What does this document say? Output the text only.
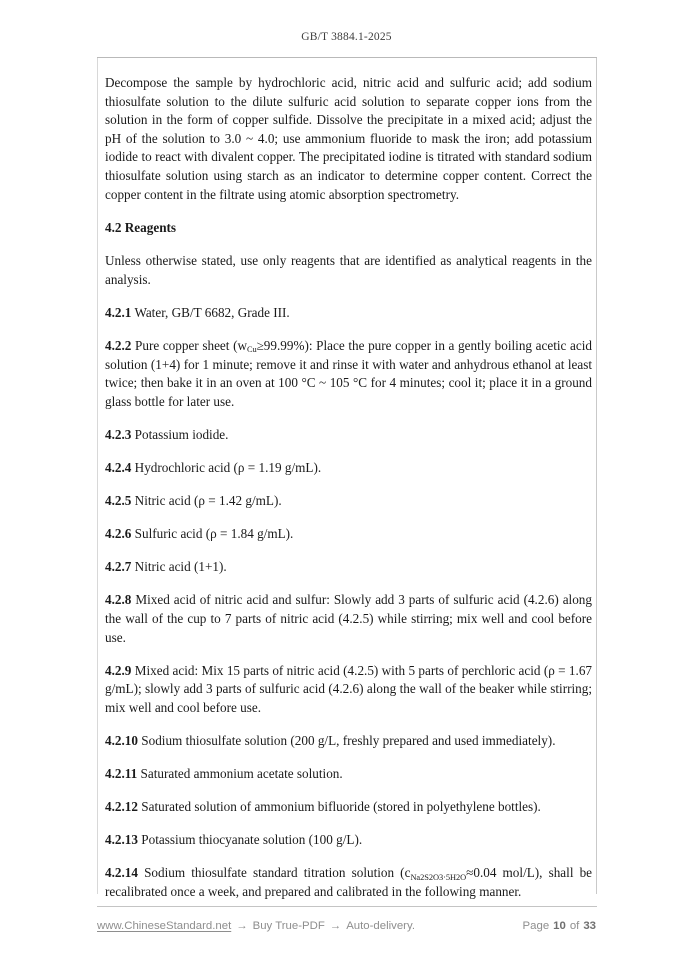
GB/T 3884.1-2025

Decompose the sample by hydrochloric acid, nitric acid and sulfuric acid; add sodium thiosulfate solution to the dilute sulfuric acid solution to separate copper ions from the solution in the form of copper sulfide. Dissolve the precipitate in a mixed acid; adjust the pH of the solution to 3.0 ~ 4.0; use ammonium fluoride to mask the iron; add potassium iodide to react with divalent copper. The precipitated iodine is titrated with standard sodium thiosulfate solution using starch as an indicator to determine copper content. Correct the copper content in the filtrate using atomic absorption spectrometry.

4.2 Reagents

Unless otherwise stated, use only reagents that are identified as analytical reagents in the analysis.

4.2.1 Water, GB/T 6682, Grade III.

4.2.2 Pure copper sheet $(w_{Cu}\ge 99.99\%)$: Place the pure copper in a gently boiling acetic acid solution (1+4) for 1 minute; remove it and rinse it with water and anhydrous ethanol at least twice; then bake it in an oven at 100 °C ~ 105 °C for 4 minutes; cool it; place it in a ground glass bottle for later use.

4.2.3 Potassium iodide.

4.2.4 Hydrochloric acid (ρ = 1.19 g/mL).

4.2.5 Nitric acid (ρ = 1.42 g/mL).

4.2.6 Sulfuric acid (ρ = 1.84 g/mL).

4.2.7 Nitric acid (1+1).

4.2.8 Mixed acid of nitric acid and sulfur: Slowly add 3 parts of sulfuric acid (4.2.6) along the wall of the cup to 7 parts of nitric acid (4.2.5) while stirring; mix well and cool before use.

4.2.9 Mixed acid: Mix 15 parts of nitric acid (4.2.5) with 5 parts of perchloric acid (ρ = 1.67 g/mL); slowly add 3 parts of sulfuric acid (4.2.6) along the wall of the beaker while stirring; mix well and cool before use.

4.2.10 Sodium thiosulfate solution (200 g/L, freshly prepared and used immediately).

4.2.11 Saturated ammonium acetate solution.

4.2.12 Saturated solution of ammonium bifluoride (stored in polyethylene bottles).

4.2.13 Potassium thiocyanate solution (100 g/L).

4.2.14 Sodium thiosulfate standard titration solution ($c_{Na2S2O3\cdot 5H2O}\approx 0.04$ mol/L), shall be recalibrated once a week, and prepared and calibrated in the following manner.

www.ChineseStandard.net → Buy True-PDF → Auto-delivery.	Page 10 of 33
